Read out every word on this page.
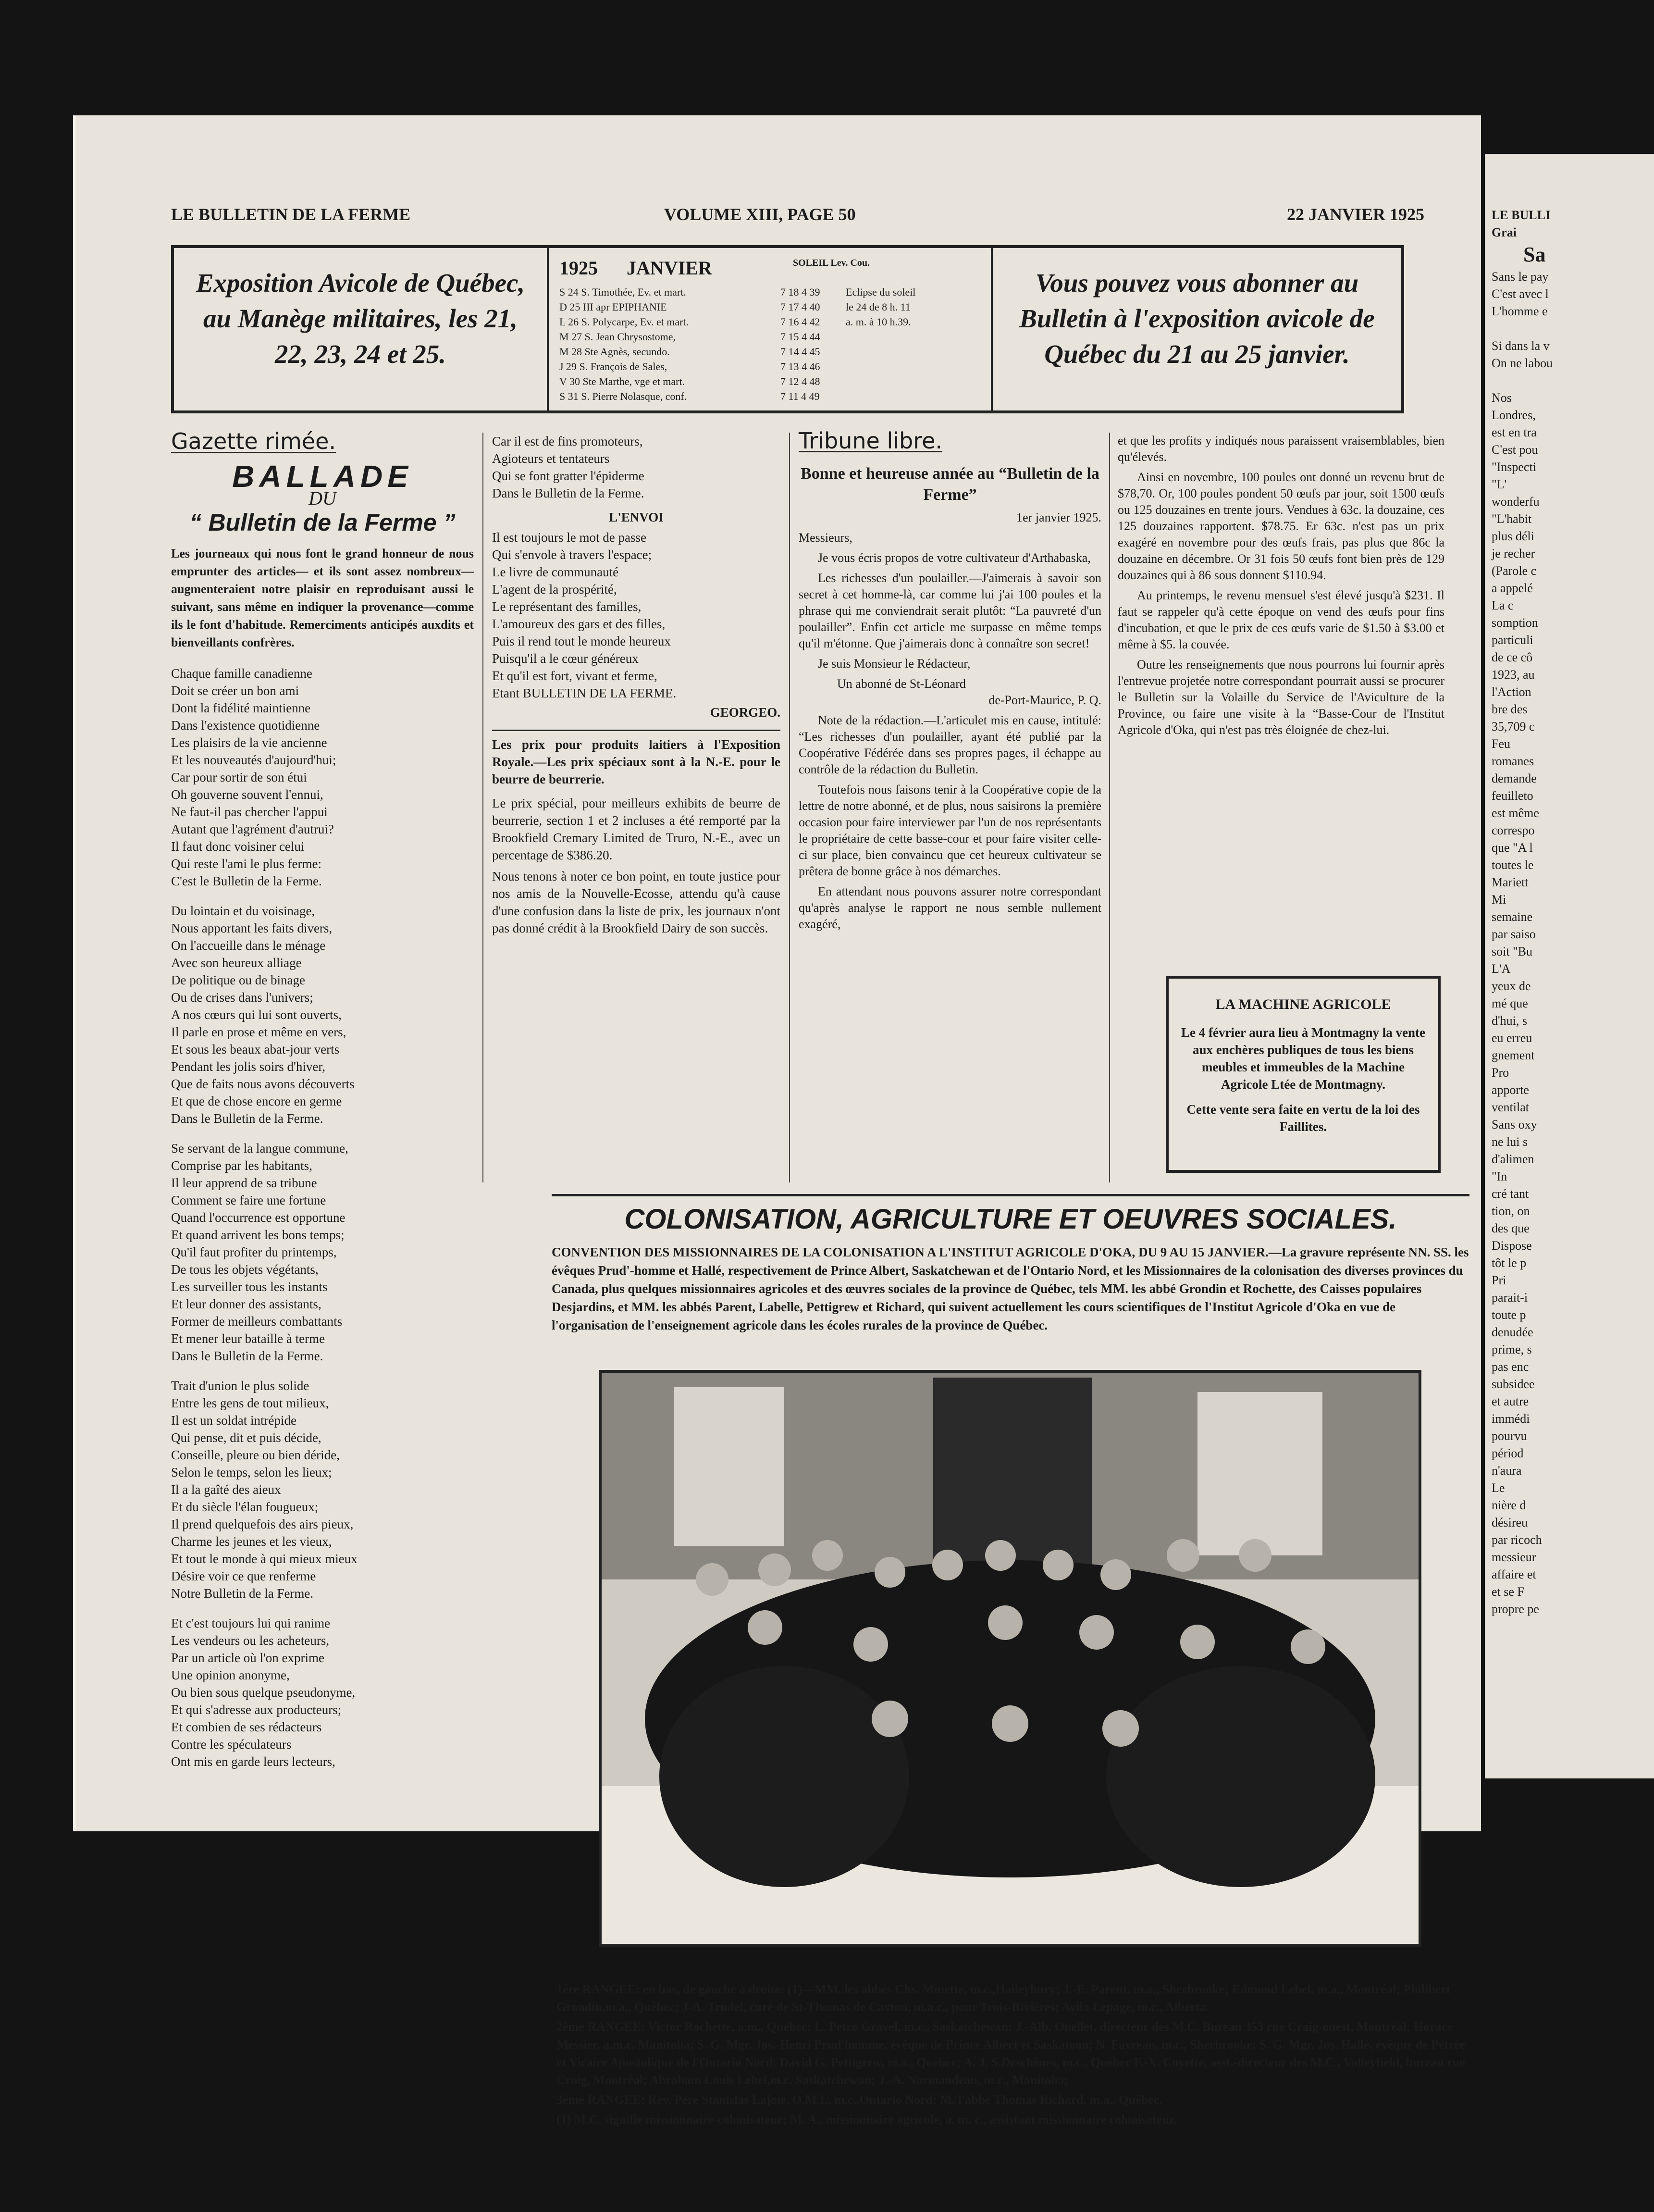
LE BULLETIN DE LA FERME	VOLUME XIII, PAGE 50	22 JANVIER 1925
Exposition Avicole de Québec, au Manège militaires, les 21, 22, 23, 24 et 25.
1925 JANVIER	SOLEIL Lev. Cou.
S 24 S. Timothée, Ev. et mart.	7 18 4 39 Eclipse du soleil
D 25 III apr EPIPHANIE	7 17 4 40 le 24 de 8 h. 11
L 26 S. Polycarpe, Ev. et mart.	7 16 4 42 a. m. à 10 h.39.
M 27 S. Jean Chrysostome,	7 15 4 44
M 28 Ste Agnès, secundo.	7 14 4 45
J 29 S. François de Sales,	7 13 4 46
V 30 Ste Marthe, vge et mart.	7 12 4 48
S 31 S. Pierre Nolasque, conf.	7 11 4 49
Vous pouvez vous abonner au Bulletin à l'exposition avicole de Québec du 21 au 25 janvier.
Gazette rimée.
BALLADE
DU
“ Bulletin de la Ferme ”

Les journeaux qui nous font le grand honneur de nous emprunter des articles— et ils sont assez nombreux— augmenteraient notre plaisir en reproduisant aussi le suivant, sans même en indiquer la provenance—comme ils le font d'habitude. Remerciments anticipés auxdits et bienveillants confrères.

Chaque famille canadienne
Doit se créer un bon ami
Dont la fidélité maintienne
Dans l'existence quotidienne
Les plaisirs de la vie ancienne
Et les nouveautés d'aujourd'hui;
Car pour sortir de son étui
Oh gouverne souvent l'ennui,
Ne faut-il pas chercher l'appui
Autant que l'agrément d'autrui?
Il faut donc voisiner celui
Qui reste l'ami le plus ferme:
C'est le Bulletin de la Ferme.
Du lointain et du voisinage,
Nous apportant les faits divers,
On l'accueille dans le ménage
Avec son heureux alliage
De politique ou de binage
Ou de crises dans l'univers;
A nos cœurs qui lui sont ouverts,
Il parle en prose et même en vers,
Et sous les beaux abat-jour verts
Pendant les jolis soirs d'hiver,
Que de faits nous avons découverts
Et que de chose encore en germe
Dans le Bulletin de la Ferme.
Se servant de la langue commune,
Comprise par les habitants,
Il leur apprend de sa tribune
Comment se faire une fortune
Quand l'occurrence est opportune
Et quand arrivent les bons temps;
Qu'il faut profiter du printemps,
De tous les objets végétants,
Les surveiller tous les instants
Et leur donner des assistants,
Former de meilleurs combattants
Et mener leur bataille à terme
Dans le Bulletin de la Ferme.
Trait d'union le plus solide
Entre les gens de tout milieux,
Il est un soldat intrépide
Qui pense, dit et puis décide,
Conseille, pleure ou bien déride,
Selon le temps, selon les lieux;
Il a la gaîté des aieux
Et du siècle l'élan fougueux;
Il prend quelquefois des airs pieux,
Charme les jeunes et les vieux,
Et tout le monde à qui mieux mieux
Désire voir ce que renferme
Notre Bulletin de la Ferme.
Et c'est toujours lui qui ranime
Les vendeurs ou les acheteurs,
Par un article où l'on exprime
Une opinion anonyme,
Ou bien sous quelque pseudonyme,
Et qui s'adresse aux producteurs;
Et combien de ses rédacteurs
Contre les spéculateurs
Ont mis en garde leurs lecteurs,
Car il est de fins promoteurs,
Agioteurs et tentateurs
Qui se font gratter l'épiderme
Dans le Bulletin de la Ferme.
L'ENVOI
Il est toujours le mot de passe
Qui s'envole à travers l'espace;
Le livre de communauté
L'agent de la prospérité,
Le représentant des familles,
L'amoureux des gars et des filles,
Puis il rend tout le monde heureux
Puisqu'il a le cœur généreux
Et qu'il est fort, vivant et ferme,
Etant BULLETIN DE LA FERME.
GEORGEO.

Les prix pour produits laitiers à l'Exposition Royale.—Les prix spéciaux sont à la N.-E. pour le beurre de beurrerie.

Le prix spécial, pour meilleurs exhibits de beurre de beurrerie, section 1 et 2 incluses a été remporté par la Brookfield Cremary Limited de Truro, N.-E., avec un percentage de $386.20.

Nous tenons à noter ce bon point, en toute justice pour nos amis de la Nouvelle-Ecosse, attendu qu'à cause d'une confusion dans la liste de prix, les journaux n'ont pas donné crédit à la Brookfield Dairy de son succès.

Tribune libre.

Bonne et heureuse année au “Bulletin de la Ferme”

1er janvier 1925.

Messieurs,

Je vous écris propos de votre cultivateur d'Arthabaska,

Les richesses d'un poulailler.—J'aimerais à savoir son secret à cet homme-là, car comme lui j'ai 100 poules et la phrase qui me conviendrait serait plutôt: “La pauvreté d'un poulailler”. Enfin cet article me surpasse en même temps qu'il m'étonne. Que j'aimerais donc à connaître son secret!

Je suis Monsieur le Rédacteur,

Un abonné de St-Léonard

de-Port-Maurice, P. Q.

Note de la rédaction.—L'articulet mis en cause, intitulé: “Les richesses d'un poulailler, ayant été publié par la Coopérative Fédérée dans ses propres pages, il échappe au contrôle de la rédaction du Bulletin.

Toutefois nous faisons tenir à la Coopérative copie de la lettre de notre abonné, et de plus, nous saisirons la première occasion pour faire interviewer par l'un de nos représentants le propriétaire de cette basse-cour et pour faire visiter celle-ci sur place, bien convaincu que cet heureux cultivateur se prêtera de bonne grâce à nos démarches.

En attendant nous pouvons assurer notre correspondant qu'après analyse le rapport ne nous semble nullement exagéré,

et que les profits y indiqués nous paraissent vraisemblables, bien qu'élevés.

Ainsi en novembre, 100 poules ont donné un revenu brut de $78,70. Or, 100 poules pondent 50 œufs par jour, soit 1500 œufs ou 125 douzaines en trente jours. Vendues à 63c. la douzaine, ces 125 douzaines rapportent. $78.75. Er 63c. n'est pas un prix exagéré en novembre pour des œufs frais, pas plus que 86c la douzaine en décembre. Or 31 fois 50 œufs font bien près de 129 douzaines qui à 86 sous donnent $110.94.

Au printemps, le revenu mensuel s'est élevé jusqu'à $231. Il faut se rappeler qu'à cette époque on vend des œufs pour fins d'incubation, et que le prix de ces œufs varie de $1.50 à $3.00 et même à $5. la couvée.

Outre les renseignements que nous pourrons lui fournir après l'entrevue projetée notre correspondant pourrait aussi se procurer le Bulletin sur la Volaille du Service de l'Aviculture de la Province, ou faire une visite à la “Basse-Cour de l'Institut Agricole d'Oka, qui n'est pas très éloignée de chez-lui.

LA MACHINE AGRICOLE

Le 4 février aura lieu à Montmagny la vente aux enchères publiques de tous les biens meubles et immeubles de la Machine Agricole Ltée de Montmagny.

Cette vente sera faite en vertu de la loi des Faillites.

COLONISATION, AGRICULTURE ET OEUVRES SOCIALES.
CONVENTION DES MISSIONNAIRES DE LA COLONISATION A L'INSTITUT AGRICOLE D'OKA, DU 9 AU 15 JANVIER.—La gravure représente NN. SS. les évêques Prud'-homme et Hallé, respectivement de Prince Albert, Saskatchewan et de l'Ontario Nord, et les Missionnaires de la colonisation des diverses provinces du Canada, plus quelques missionnaires agricoles et des œuvres sociales de la province de Québec, tels MM. les abbé Grondin et Rochette, des Caisses populaires Desjardins, et MM. les abbés Parent, Labelle, Pettigrew et Richard, qui suivent actuellement les cours scientifiques de l'Institut Agricole d'Oka en vue de l'organisation de l'enseignement agricole dans les écoles rurales de la province de Québec.

1ère RANGEE: en bas, de gauche à droite: (1)—MM. les abbés Chs. Minette, m.c.,Haileybury; J.-E. Parent, m.a., Sherbrooke; Edmond Lebel, m.a., Montréal; Philibert Grondin,m.a., Québec; J-A. Trudel, curé de St-Thomas de Caxton, m.a.c., pour Trois-Rivières; Avila Lepage, m.c., Alberta.

2ème RANGEE: Victor Rochette, a.m., Québec; L. Petro Gravel, m.c., Saskatchewan; J.-Alb. Ouellet, directeur des M.C. Bureau 353 rue Craig-ouest, Montréal; Horace Messier, a.m.c. Manitoba; S. G. Mgr. Jos.-Henri Prud'homme, évêque de Prince Albert et Saskatoon; N. Favreau, m.c., Sherbrooke; S. G. Mgr. Jos. Hallé, évêque de Pétrée et Vicaire Apostolique de l'Ontario Nord; David G. Pettigrew, m.a., Québec; A. J. S.Deschênes, m.c., Québec F.-X. Coyette, asst.-directeur des M.C., Valleyfield, bureau rue Craig, Montréal; Abraham Louis Lebel,m.c. Saskatchewan; J.-A. Normandeau, m.c., Manitoba;

3ème RANGEE: Rév. Père Stanislas Lajoie, O.M.I., m.c.,Ontario Nord; M. l'abbé Thomas Richard, m.a., Québec.

(1) M.C. signifie missionnaire-colonisateur; M. A., missionnaire agricole, a. m. c., assistant missionnaire colonisateur.

LE BULLI
Grai
Sa
Sans le pay
C'est avec l
L'homme e

Si dans la v
On ne labou

Nos
Londres,
est en tra
C'est pou
"Inspecti
"L'
wonderfu
"L'habit
plus déli
je recher
(Parole c
a appelé
La c
somption
particuli
de ce cô
1923, au
l'Action
bre des
35,709 c
Feu
romanes
demande
feuilleto
est même
correspo
que "A l
toutes le
Mariett
Mi
semaine
par saiso
soit "Bu
L'A
yeux de
mé que
d'hui, s
eu erreu
gnement
Pro
apporte
ventilat
Sans oxy
ne lui s
d'alimen
"In
cré tant
tion, on
des que
Dispose
tôt le p
Pri
parait-i
toute p
denudée
prime, s
pas enc
subsidee
et autre
immédi
pourvu
périod
n'aura
Le
nière d
désireu
par ricoch
messieur
affaire et
et se F
propre pe
